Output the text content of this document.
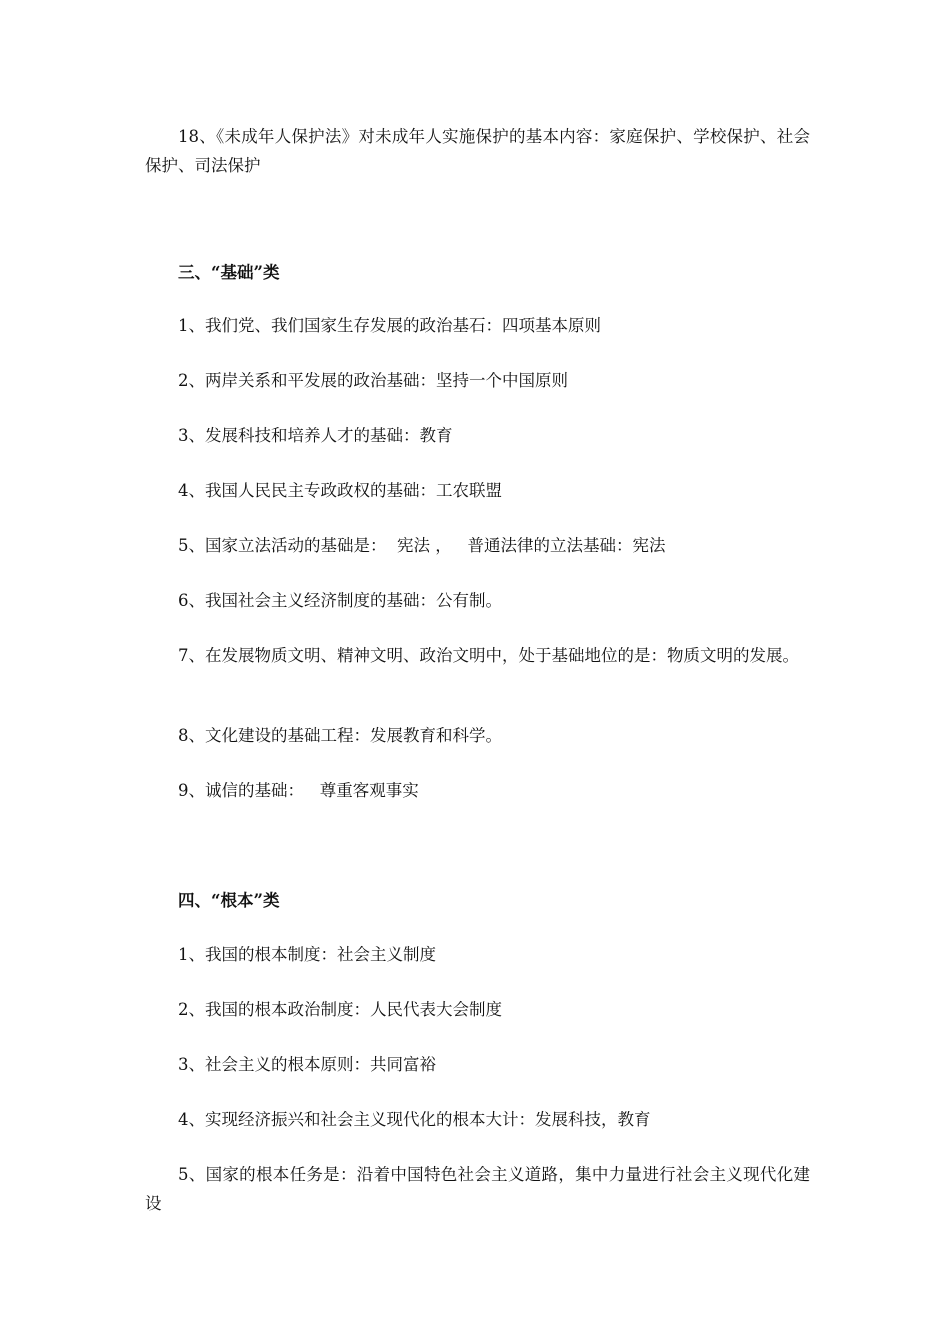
18、《未成年人保护法》对未成年人实施保护的基本内容：家庭保护、学校保护、社会保护、司法保护

三、“基础”类

1、我们党、我们国家生存发展的政治基石：四项基本原则

2、两岸关系和平发展的政治基础：坚持一个中国原则

3、发展科技和培养人才的基础：教育

4、我国人民民主专政政权的基础：工农联盟

5、国家立法活动的基础是：  宪法 ，   普通法律的立法基础：宪法

6、我国社会主义经济制度的基础：公有制。

7、在发展物质文明、精神文明、政治文明中，处于基础地位的是：物质文明的发展。

8、文化建设的基础工程：发展教育和科学。

9、诚信的基础：   尊重客观事实

四、“根本”类

1、我国的根本制度：社会主义制度

2、我国的根本政治制度：人民代表大会制度

3、社会主义的根本原则：共同富裕

4、实现经济振兴和社会主义现代化的根本大计：发展科技，教育

5、国家的根本任务是：沿着中国特色社会主义道路，集中力量进行社会主义现代化建设
